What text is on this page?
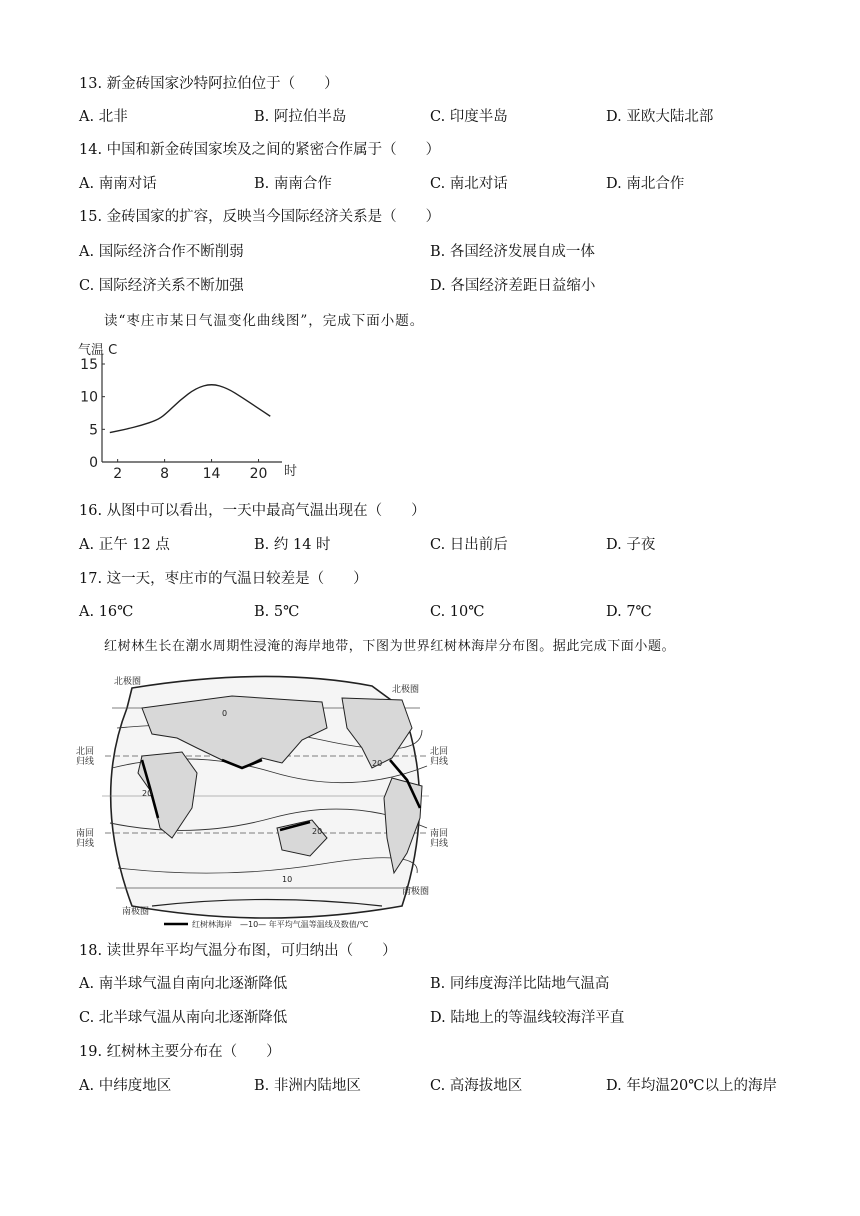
13. 新金砖国家沙特阿拉伯位于（　　）
A. 北非	B. 阿拉伯半岛	C. 印度半岛	D. 亚欧大陆北部
14. 中国和新金砖国家埃及之间的紧密合作属于（　　）
A. 南南对话	B. 南南合作	C. 南北对话	D. 南北合作
15. 金砖国家的扩容，反映当今国际经济关系是（　　）
A. 国际经济合作不断削弱	B. 各国经济发展自成一体
C. 国际经济关系不断加强	D. 各国经济差距日益缩小
读“枣庄市某日气温变化曲线图”，完成下面小题。
气温 C
时
0
5
10
15
2	8 14 20
16. 从图中可以看出，一天中最高气温出现在（　　）
A. 正午 12 点	B. 约 14 时	C. 日出前后	D. 子夜
17. 这一天，枣庄市的气温日较差是（　　）
A. 16℃	B. 5℃	C. 10℃	D. 7℃
红树林生长在潮水周期性浸淹的海岸地带，下图为世界红树林海岸分布图。据此完成下面小题。
北极圈
北极圈
北回归线
北回归线
南回归线
南回归线
南极圈
南极圈
20
20
20
0
10
红树林海岸　—10— 年平均气温等温线及数值/℃
18. 读世界年平均气温分布图，可归纳出（　　）
A. 南半球气温自南向北逐渐降低	B. 同纬度海洋比陆地气温高
C. 北半球气温从南向北逐渐降低	D. 陆地上的等温线较海洋平直
19. 红树林主要分布在（　　）
A. 中纬度地区	B. 非洲内陆地区	C. 高海拔地区	D. 年均温20℃以上的海岸
